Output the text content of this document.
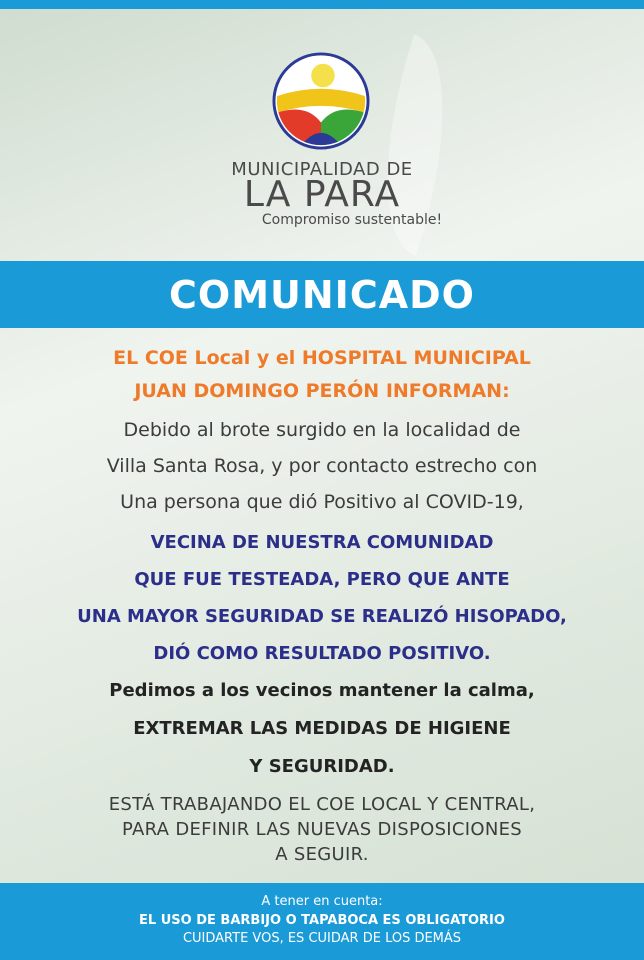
MUNICIPALIDAD DE
LA PARA
Compromiso sustentable!
COMUNICADO

EL COE Local y el HOSPITAL MUNICIPAL

JUAN DOMINGO PERÓN INFORMAN:

Debido al brote surgido en la localidad de

Villa Santa Rosa, y por contacto estrecho con

Una persona que dió Positivo al COVID-19,

VECINA DE NUESTRA COMUNIDAD

QUE FUE TESTEADA, PERO QUE ANTE

UNA MAYOR SEGURIDAD SE REALIZÓ HISOPADO,

DIÓ COMO RESULTADO POSITIVO.

Pedimos a los vecinos mantener la calma,

EXTREMAR LAS MEDIDAS DE HIGIENE

Y SEGURIDAD.

ESTÁ TRABAJANDO EL COE LOCAL Y CENTRAL,

PARA DEFINIR LAS NUEVAS DISPOSICIONES

A SEGUIR.

A tener en cuenta:

EL USO DE BARBIJO O TAPABOCA ES OBLIGATORIO

CUIDARTE VOS, ES CUIDAR DE LOS DEMÁS
